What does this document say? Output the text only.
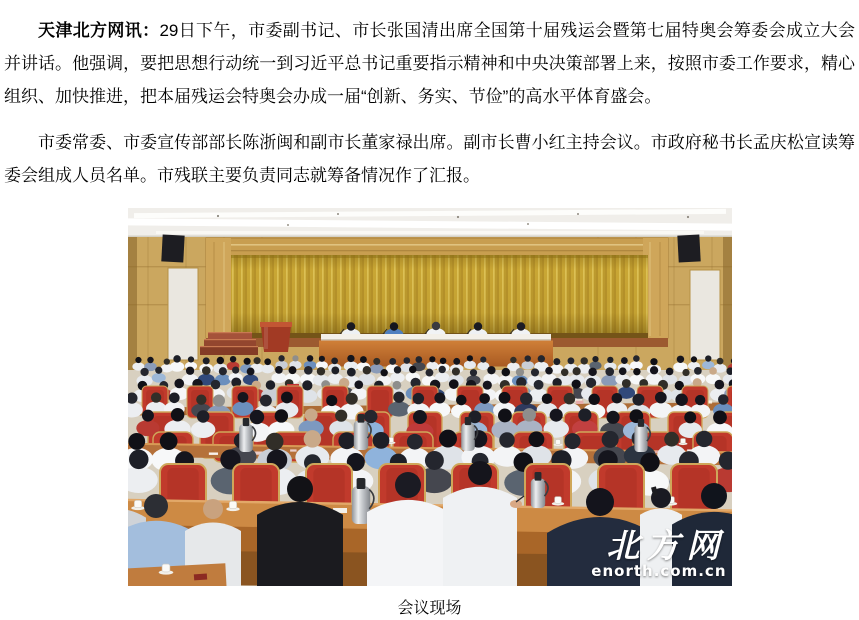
天津北方网讯：29日下午，市委副书记、市长张国清出席全国第十届残运会暨第七届特奥会筹委会成立大会并讲话。他强调，要把思想行动统一到习近平总书记重要指示精神和中央决策部署上来，按照市委工作要求，精心组织、加快推进，把本届残运会特奥会办成一届“创新、务实、节俭”的高水平体育盛会。

市委常委、市委宣传部部长陈浙闽和副市长董家禄出席。副市长曹小红主持会议。市政府秘书长孟庆松宣读筹委会组成人员名单。市残联主要负责同志就筹备情况作了汇报。

北方网
enorth.com.cn
会议现场
